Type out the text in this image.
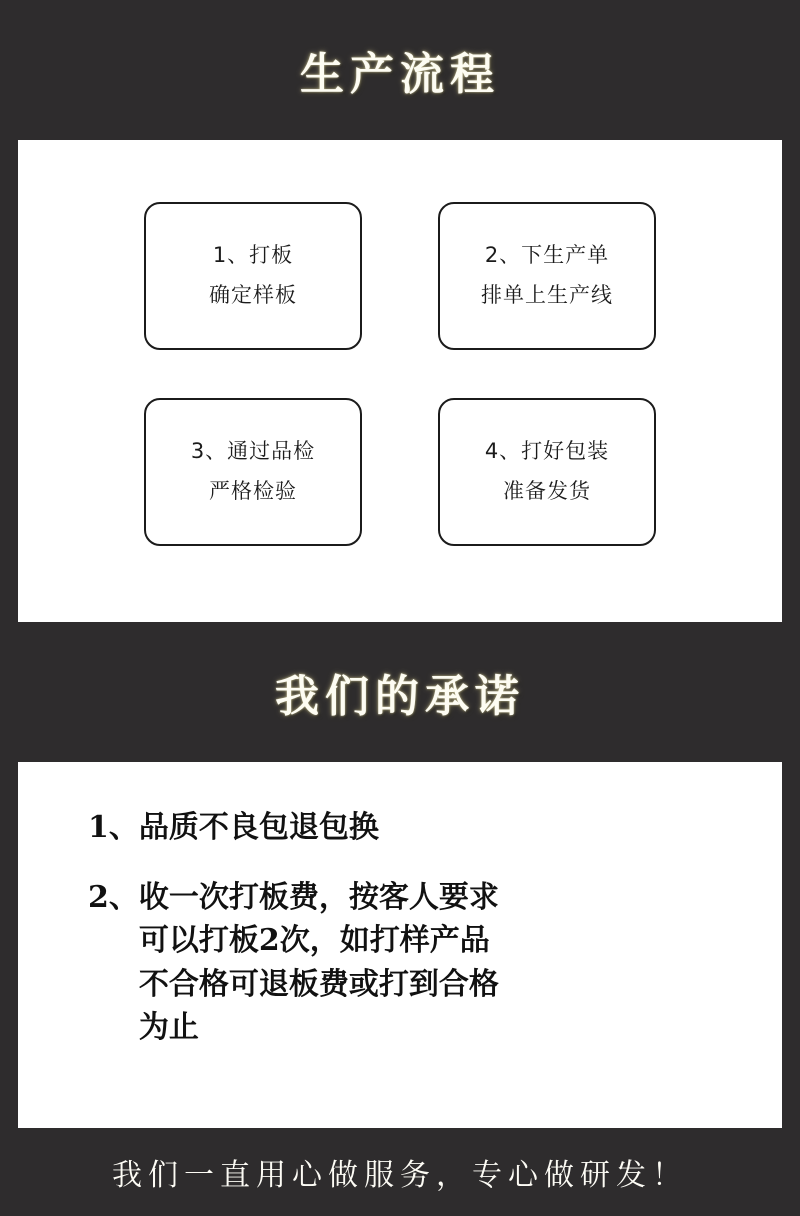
生产流程
1、打板
确定样板
2、下生产单
排单上生产线
3、通过品检
严格检验
4、打好包装
准备发货
我们的承诺
1、 品质不良包退包换
2、 收一次打板费，按客人要求
可以打板2次，如打样产品
不合格可退板费或打到合格
为止
我们一直用心做服务，专心做研发！
